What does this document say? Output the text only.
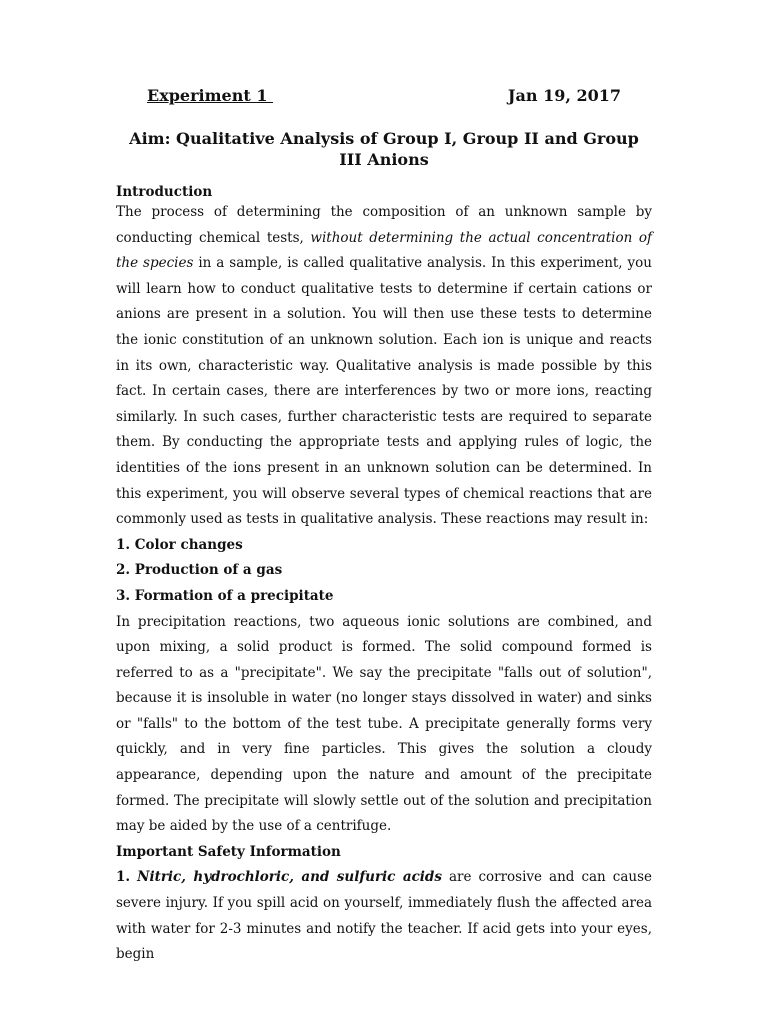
Experiment 1	Jan 19, 2017
Aim: Qualitative Analysis of Group I, Group II and Group III Anions
Introduction

The process of determining the composition of an unknown sample by conducting chemical tests, without determining the actual concentration of the species in a sample, is called qualitative analysis. In this experiment, you will learn how to conduct qualitative tests to determine if certain cations or anions are present in a solution. You will then use these tests to determine the ionic constitution of an unknown solution. Each ion is unique and reacts in its own, characteristic way. Qualitative analysis is made possible by this fact. In certain cases, there are interferences by two or more ions, reacting similarly. In such cases, further characteristic tests are required to separate them. By conducting the appropriate tests and applying rules of logic, the identities of the ions present in an unknown solution can be determined. In this experiment, you will observe several types of chemical reactions that are commonly used as tests in qualitative analysis. These reactions may result in:

1. Color changes

2. Production of a gas

3. Formation of a precipitate

In precipitation reactions, two aqueous ionic solutions are combined, and upon mixing, a solid product is formed. The solid compound formed is referred to as a "precipitate". We say the precipitate "falls out of solution", because it is insoluble in water (no longer stays dissolved in water) and sinks or "falls" to the bottom of the test tube. A precipitate generally forms very quickly, and in very fine particles. This gives the solution a cloudy appearance, depending upon the nature and amount of the precipitate formed. The precipitate will slowly settle out of the solution and precipitation may be aided by the use of a centrifuge.

Important Safety Information

1. Nitric, hydrochloric, and sulfuric acids are corrosive and can cause severe injury. If you spill acid on yourself, immediately flush the affected area with water for 2-3 minutes and notify the teacher. If acid gets into your eyes, begin
